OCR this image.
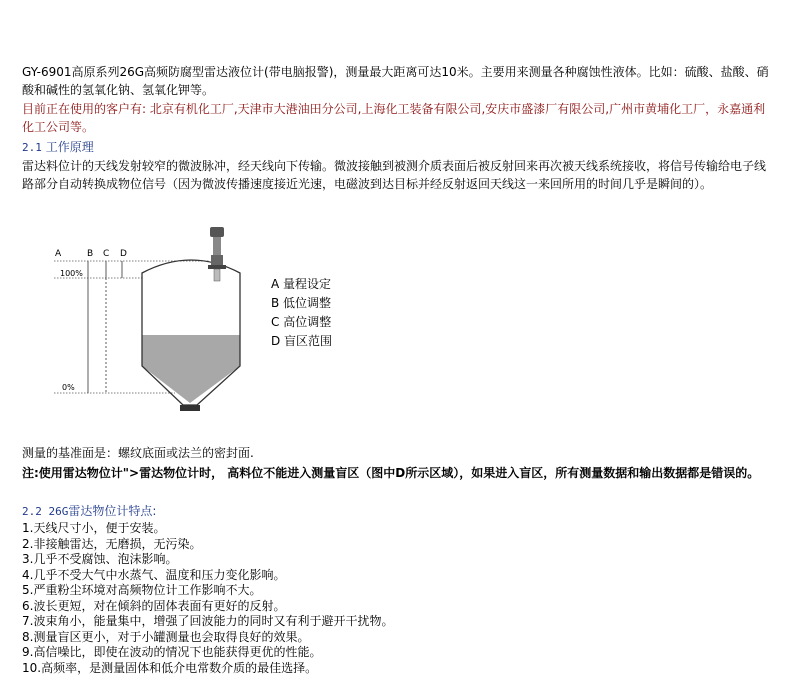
GY-6901高原系列26G高频防腐型雷达液位计(带电脑报警)，测量最大距离可达10米。主要用来测量各种腐蚀性液体。比如：硫酸、盐酸、硝酸和碱性的氢氧化钠、氢氧化钾等。
目前正在使用的客户有: 北京有机化工厂,天津市大港油田分公司,上海化工装备有限公司,安庆市盛漆厂有限公司,广州市黄埔化工厂，永嘉通利化工公司等。
2.1 工作原理
雷达料位计的天线发射较窄的微波脉冲，经天线向下传输。微波接触到被测介质表面后被反射回来再次被天线系统接收，将信号传输给电子线路部分自动转换成物位信号（因为微波传播速度接近光速，电磁波到达目标并经反射返回天线这一来回所用的时间几乎是瞬间的）。
A	B C D
100%
0%
A 量程设定
B 低位调整
C 高位调整
D 盲区范围
测量的基准面是：螺纹底面或法兰的密封面.
注:使用雷达物位计">雷达物位计时， 高料位不能进入测量盲区（图中D所示区域），如果进入盲区，所有测量数据和输出数据都是错误的。
2.2 26G雷达物位计特点:
1.天线尺寸小，便于安装。
2.非接触雷达，无磨损，无污染。
3.几乎不受腐蚀、泡沫影响。
4.几乎不受大气中水蒸气、温度和压力变化影响。
5.严重粉尘环境对高频物位计工作影响不大。
6.波长更短，对在倾斜的固体表面有更好的反射。
7.波束角小，能量集中，增强了回波能力的同时又有利于避开干扰物。
8.测量盲区更小，对于小罐测量也会取得良好的效果。
9.高信噪比，即使在波动的情况下也能获得更优的性能。
10.高频率，是测量固体和低介电常数介质的最佳选择。
